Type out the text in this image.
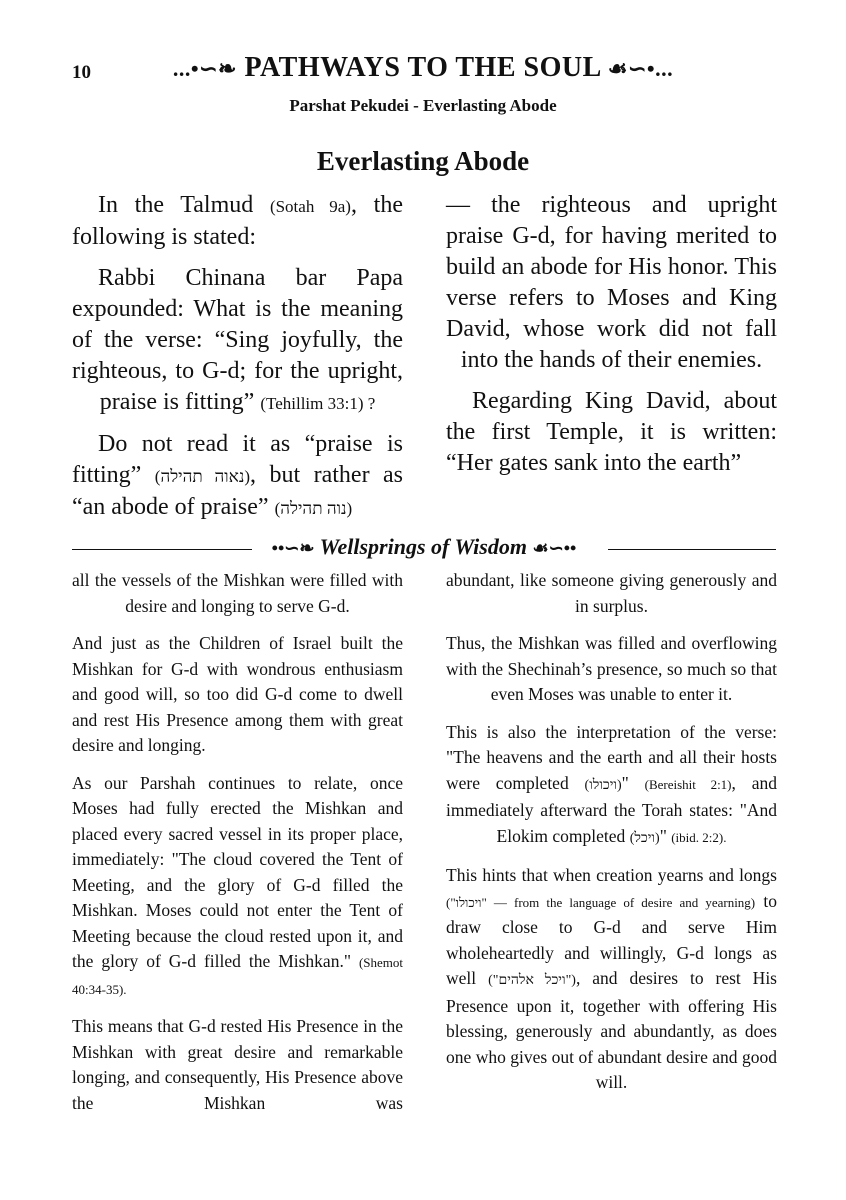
10	...•∽❧ PATHWAYS TO THE SOUL ☙∽•...
Parshat Pekudei - Everlasting Abode
Everlasting Abode

In the Talmud (Sotah 9a), the following is stated:

Rabbi Chinana bar Papa expounded: What is the meaning of the verse: “Sing joyfully, the righteous, to G-d; for the upright, praise is fitting” (Tehillim 33:1) ?

Do not read it as “praise is fitting” (נאוה תהילה), but rather as “an abode of praise” (נוה תהילה)

— the righteous and upright praise G-d, for having merited to build an abode for His honor. This verse refers to Moses and King David, whose work did not fall into the hands of their enemies.

Regarding King David, about the first Temple, it is written: “Her gates sank into the earth”

••∽❧ Wellsprings of Wisdom ☙∽••

all the vessels of the Mishkan were filled with desire and longing to serve G-d.

And just as the Children of Israel built the Mishkan for G-d with wondrous enthusiasm and good will, so too did G-d come to dwell and rest His Presence among them with great desire and longing.

As our Parshah continues to relate, once Moses had fully erected the Mishkan and placed every sacred vessel in its proper place, immediately: "The cloud covered the Tent of Meeting, and the glory of G-d filled the Mishkan. Moses could not enter the Tent of Meeting because the cloud rested upon it, and the glory of G-d filled the Mishkan." (Shemot 40:34-35).

This means that G-d rested His Presence in the Mishkan with great desire and remarkable longing, and consequently, His Presence above the Mishkan was

abundant, like someone giving generously and in surplus.

Thus, the Mishkan was filled and overflowing with the Shechinah’s presence, so much so that even Moses was unable to enter it.

This is also the interpretation of the verse: "The heavens and the earth and all their hosts were completed (ויכולו)" (Bereishit 2:1), and immediately afterward the Torah states: "And Elokim completed (ויכל)" (ibid. 2:2).

This hints that when creation yearns and longs ("ויכולו" — from the language of desire and yearning) to draw close to G-d and serve Him wholeheartedly and willingly, G-d longs as well ("ויכל אלהים"), and desires to rest His Presence upon it, together with offering His blessing, generously and abundantly, as does one who gives out of abundant desire and good will.
